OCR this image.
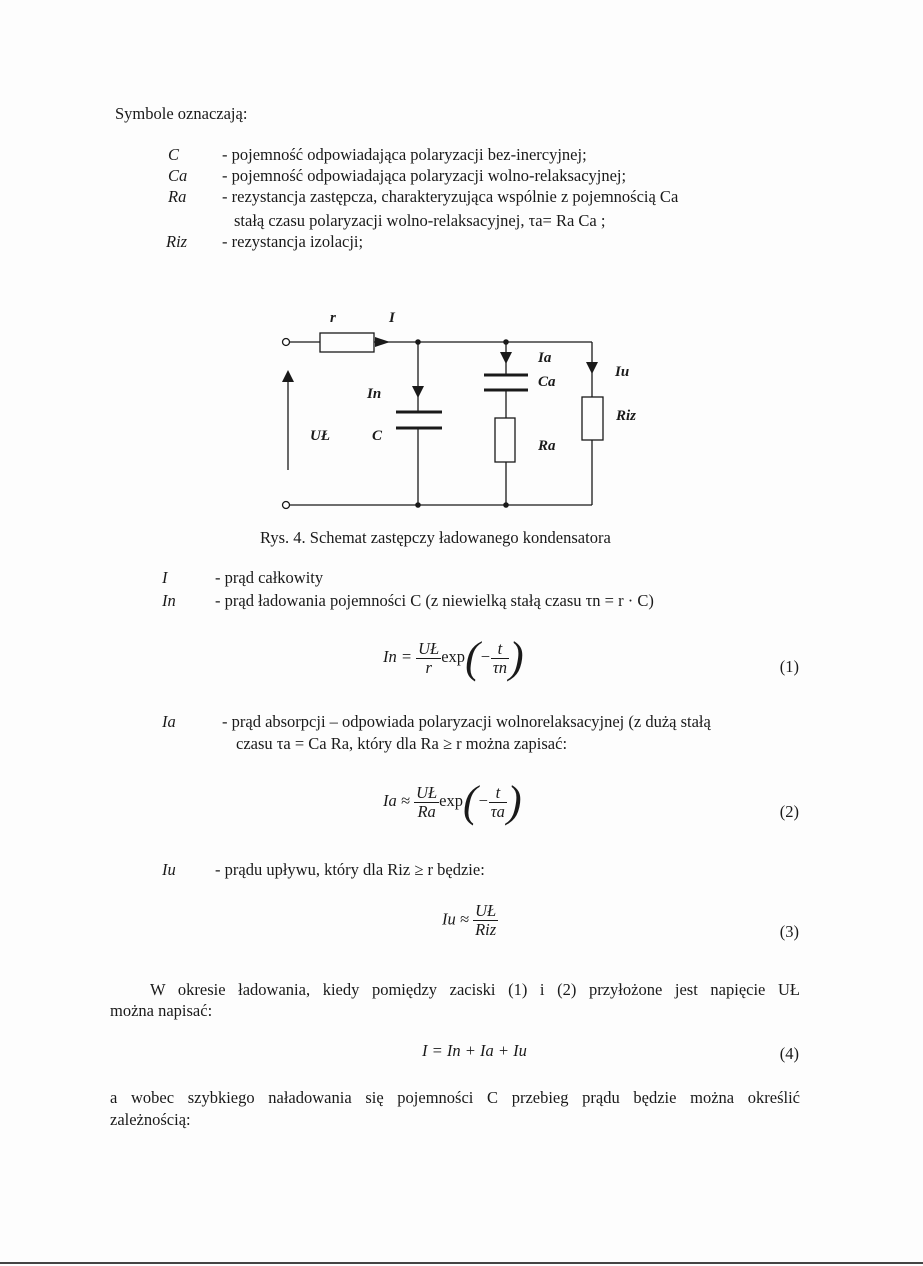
Symbole oznaczają:
C	- pojemność odpowiadająca polaryzacji bez-inercyjnej;
Ca - pojemność odpowiadająca polaryzacji wolno-relaksacyjnej;
Ra - rezystancja zastępcza, charakteryzująca wspólnie z pojemnością Ca
stałą czasu polaryzacji wolno-relaksacyjnej, τa= Ra Ca ;
Riz - rezystancja izolacji;
r	I
In
UŁ	C
Ia
Ca
Iu
Ra
Riz
Rys. 4. Schemat zastępczy ładowanego kondensatora
I	- prąd całkowity
In - prąd ładowania pojemności C (z niewielką stałą czasu τn = r · C)
$In = \frac{UŁ}{r} \exp(- \frac{t}{\tau n}$ )	(1)
Ia	- prąd absorpcji – odpowiada polaryzacji wolnorelaksacyjnej (z dużą stałą
czasu τa = Ca Ra, który dla Ra ≥ r można zapisać:
$Ia \approx \frac{UŁ}{Ra} \exp(- \frac{t}{\tau a}$ )	(2)
Iu - prądu upływu, który dla Riz ≥ r będzie:
$Iu \approx \frac{UŁ}{\text{Riz}}$	(3)
W okresie ładowania, kiedy pomiędzy zaciski (1) i (2) przyłożone jest napięcie UŁ
można napisać:
I = In + Ia + Iu	(4)
a wobec szybkiego naładowania się pojemności C przebieg prądu będzie można określić
zależnością:
